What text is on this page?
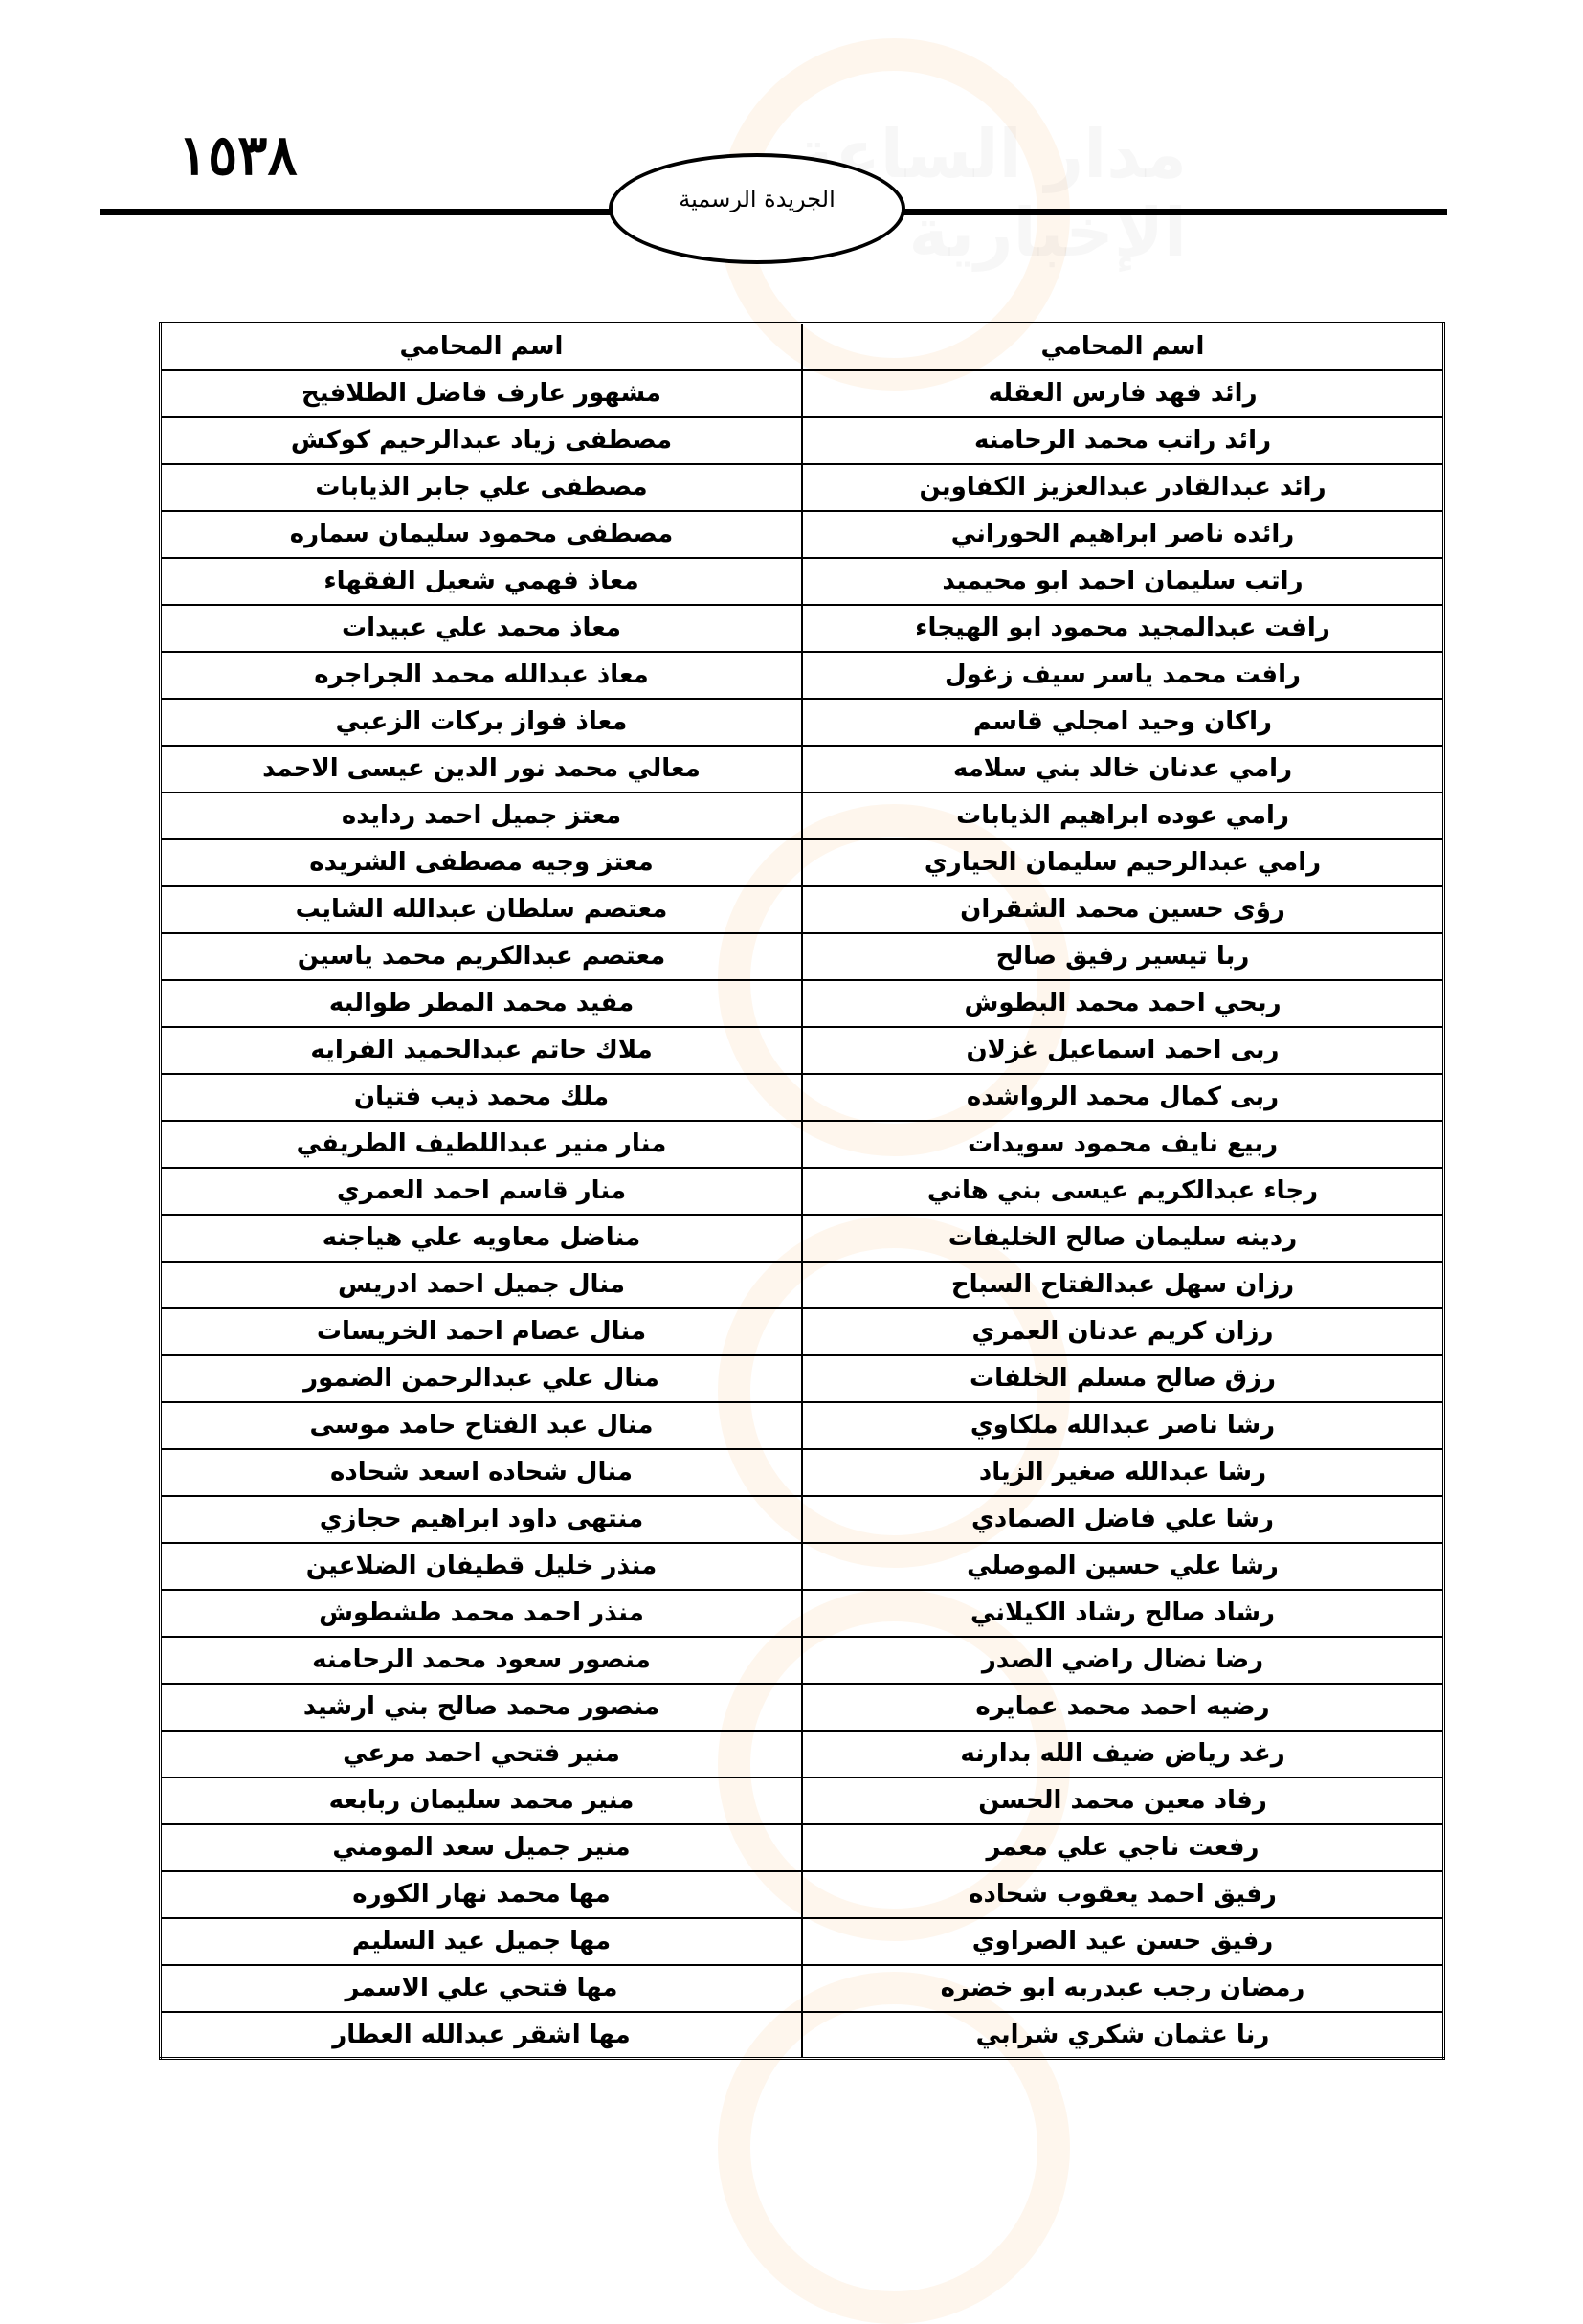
مدار الساعة الإخبارية
١٥٣٨
الجريدة الرسمية
اسم المحامي	اسم المحامي
رائد فهد فارس العقله	مشهور عارف فاضل الطلافيح
رائد راتب محمد الرحامنه	مصطفى زياد عبدالرحيم كوكش
رائد عبدالقادر عبدالعزيز الكفاوين	مصطفى علي جابر الذيابات
رائده ناصر ابراهيم الحوراني	مصطفى محمود سليمان سماره
راتب سليمان احمد ابو محيميد	معاذ فهمي شعيل الفقهاء
رافت عبدالمجيد محمود ابو الهيجاء	معاذ محمد علي عبيدات
رافت محمد ياسر سيف زغول	معاذ عبدالله محمد الجراجره
راكان وحيد امجلي قاسم	معاذ فواز بركات الزعبي
رامي عدنان خالد بني سلامه	معالي محمد نور الدين عيسى الاحمد
رامي عوده ابراهيم الذيابات	معتز جميل احمد ردايده
رامي عبدالرحيم سليمان الحياري	معتز وجيه مصطفى الشريده
رؤى حسين محمد الشقران	معتصم سلطان عبدالله الشايب
ربا تيسير رفيق صالح	معتصم عبدالكريم محمد ياسين
ربحي احمد محمد البطوش	مفيد محمد المطر طوالبه
ربى احمد اسماعيل غزلان	ملاك حاتم عبدالحميد الفرايه
ربى كمال محمد الرواشده	ملك محمد ذيب فتيان
ربيع نايف محمود سويدات	منار منير عبداللطيف الطريفي
رجاء عبدالكريم عيسى بني هاني	منار قاسم احمد العمري
ردينه سليمان صالح الخليفات	مناضل معاويه علي هياجنه
رزان سهل عبدالفتاح السباح	منال جميل احمد ادريس
رزان كريم عدنان العمري	منال عصام احمد الخريسات
رزق صالح مسلم الخلفات	منال علي عبدالرحمن الضمور
رشا ناصر عبدالله ملكاوي	منال عبد الفتاح حامد موسى
رشا عبدالله صغير الزياد	منال شحاده اسعد شحاده
رشا علي فاضل الصمادي	منتهى داود ابراهيم حجازي
رشا علي حسين الموصلي	منذر خليل قطيفان الضلاعين
رشاد صالح رشاد الكيلاني	منذر احمد محمد طشطوش
رضا نضال راضي الصدر	منصور سعود محمد الرحامنه
رضيه احمد محمد عمايره	منصور محمد صالح بني ارشيد
رغد رياض ضيف الله بدارنه	منير فتحي احمد مرعي
رفاد معين محمد الحسن	منير محمد سليمان ربابعه
رفعت ناجي علي معمر	منير جميل سعد المومني
رفيق احمد يعقوب شحاده	مها محمد نهار الكوره
رفيق حسن عيد الصراوي	مها جميل عيد السليم
رمضان رجب عبدربه ابو خضره	مها فتحي علي الاسمر
رنا عثمان شكري شرابي	مها اشقر عبدالله العطار
